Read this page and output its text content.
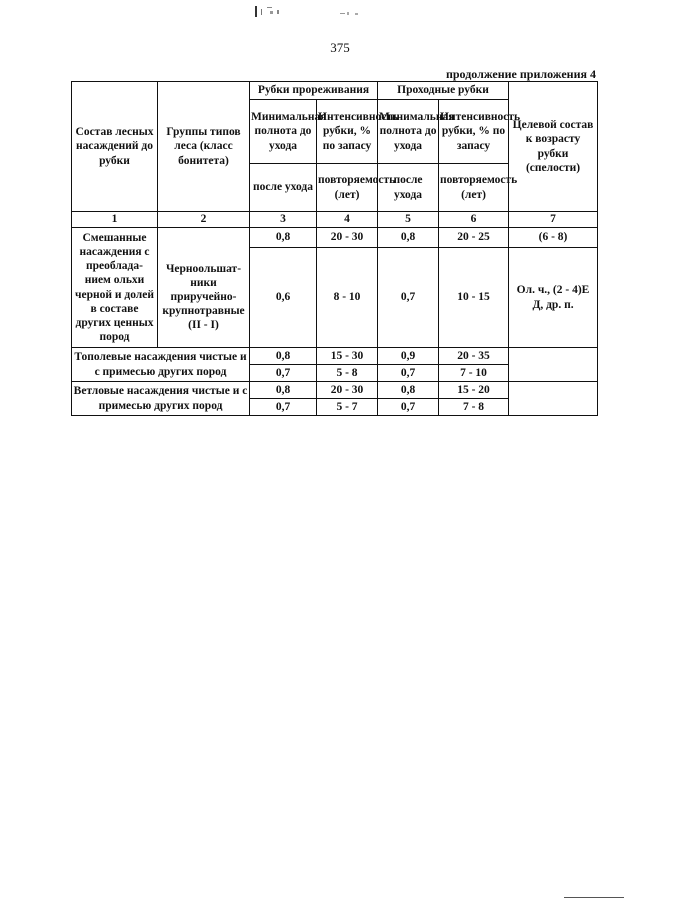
375
продолжение приложения 4
Состав лесных насаждений до рубки	Группы типов леса (класс бонитета)	Рубки прореживания		Проходные рубки		Целевой состав к возрасту рубки (спелости)
		Минимальная полнота до ухода	Интенсивность рубки, % по запасу	Минимальная полнота до ухода	Интенсивность рубки, % по запасу	
		после ухода	повторяемость (лет)	после ухода	повторяемость (лет)	
1	2	3	4	5	6	7
Смешанные насаждения с преоблада-нием ольхи черной и долей в составе других ценных пород		0,8	20 - 30	0,8	20 - 25	(6 - 8)
	Черноольшат-ники приручейно-крупнотравные (II - I)	0,6	8 - 10	0,7	10 - 15	Ол. ч., (2 - 4)Е Д, др. п.
Тополевые насаждения чистые и с примесью других пород		0,8	15 - 30	0,9	20 - 35	
		0,7	5 - 8	0,7	7 - 10	
Ветловые насаждения чистые и с примесью других пород		0,8	20 - 30	0,8	15 - 20	
		0,7	5 - 7	0,7	7 - 8	
